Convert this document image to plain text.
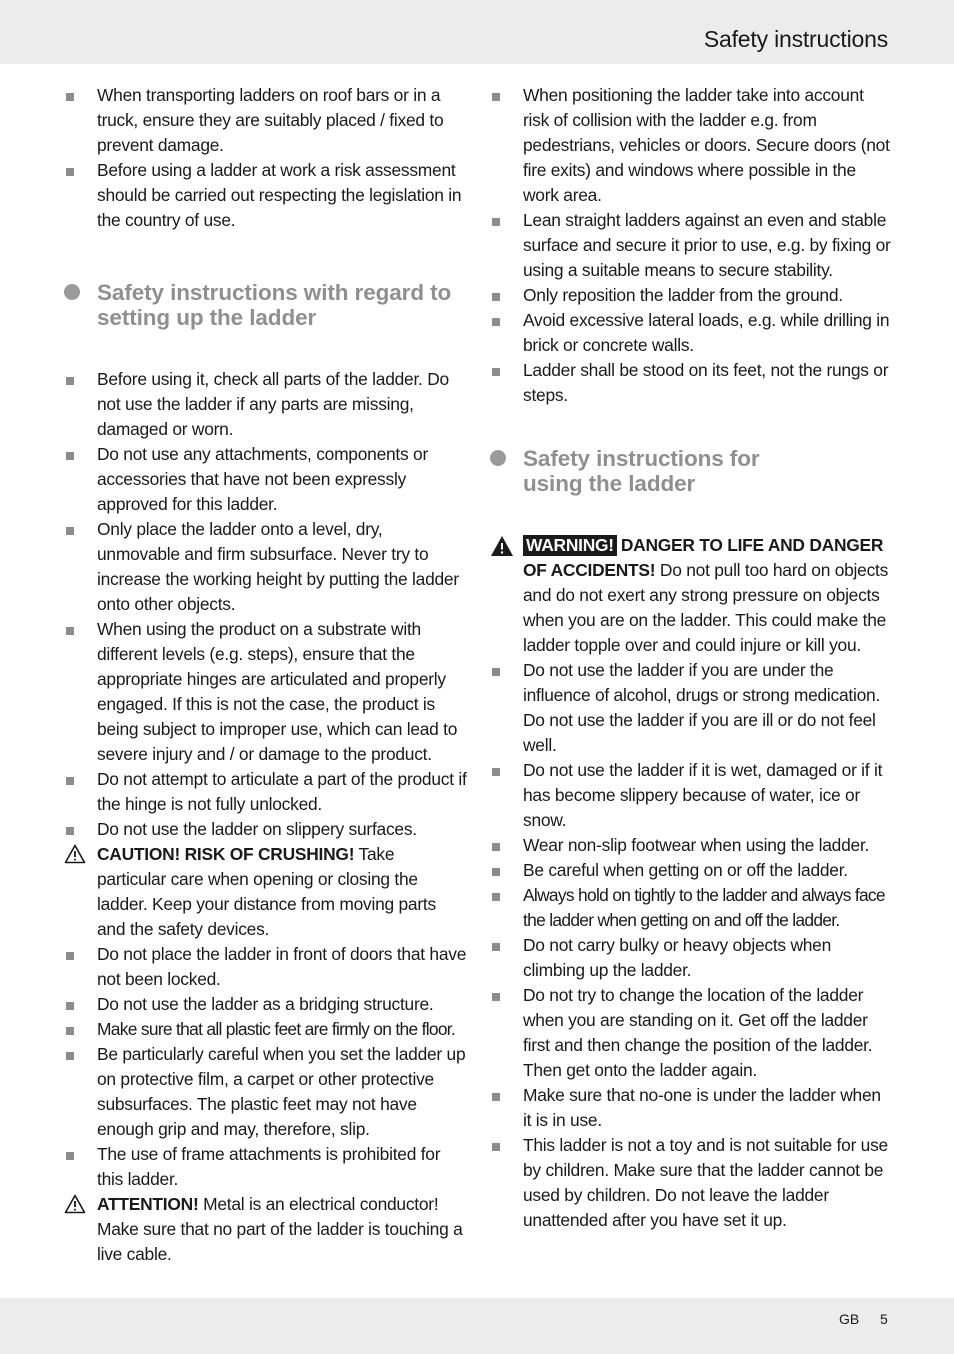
Safety instructions
When transporting ladders on roof bars or in a truck, ensure they are suitably placed / fixed to prevent damage.
Before using a ladder at work a risk assessment should be carried out respecting the legislation in the country of use.
Safety instructions with regard to setting up the ladder
Before using it, check all parts of the ladder. Do not use the ladder if any parts are missing, damaged or worn.
Do not use any attachments, components or accessories that have not been expressly approved for this ladder.
Only place the ladder onto a level, dry, unmovable and firm subsurface. Never try to increase the working height by putting the ladder onto other objects.
When using the product on a substrate with different levels (e.g. steps), ensure that the appropriate hinges are articulated and properly engaged. If this is not the case, the product is being subject to improper use, which can lead to severe injury and / or damage to the product.
Do not attempt to articulate a part of the product if the hinge is not fully unlocked.
Do not use the ladder on slippery surfaces.
CAUTION! RISK OF CRUSHING! Take particular care when opening or closing the ladder. Keep your distance from moving parts and the safety devices.
Do not place the ladder in front of doors that have not been locked.
Do not use the ladder as a bridging structure.
Make sure that all plastic feet are firmly on the floor.
Be particularly careful when you set the ladder up on protective film, a carpet or other protective subsurfaces. The plastic feet may not have enough grip and may, therefore, slip.
The use of frame attachments is prohibited for this ladder.
ATTENTION! Metal is an electrical conductor! Make sure that no part of the ladder is touching a live cable.
When positioning the ladder take into account risk of collision with the ladder e.g. from pedestrians, vehicles or doors. Secure doors (not fire exits) and windows where possible in the work area.
Lean straight ladders against an even and stable surface and secure it prior to use, e.g. by fixing or using a suitable means to secure stability.
Only reposition the ladder from the ground.
Avoid excessive lateral loads, e.g. while drilling in brick or concrete walls.
Ladder shall be stood on its feet, not the rungs or steps.
Safety instructions for using the ladder
WARNING! DANGER TO LIFE AND DANGER OF ACCIDENTS! Do not pull too hard on objects and do not exert any strong pressure on objects when you are on the ladder. This could make the ladder topple over and could injure or kill you.
Do not use the ladder if you are under the influence of alcohol, drugs or strong medication. Do not use the ladder if you are ill or do not feel well.
Do not use the ladder if it is wet, damaged or if it has become slippery because of water, ice or snow.
Wear non-slip footwear when using the ladder.
Be careful when getting on or off the ladder.
Always hold on tightly to the ladder and always face the ladder when getting on and off the ladder.
Do not carry bulky or heavy objects when climbing up the ladder.
Do not try to change the location of the ladder when you are standing on it. Get off the ladder first and then change the position of the ladder. Then get onto the ladder again.
Make sure that no-one is under the ladder when it is in use.
This ladder is not a toy and is not suitable for use by children. Make sure that the ladder cannot be used by children. Do not leave the ladder unattended after you have set it up.
GB 5
